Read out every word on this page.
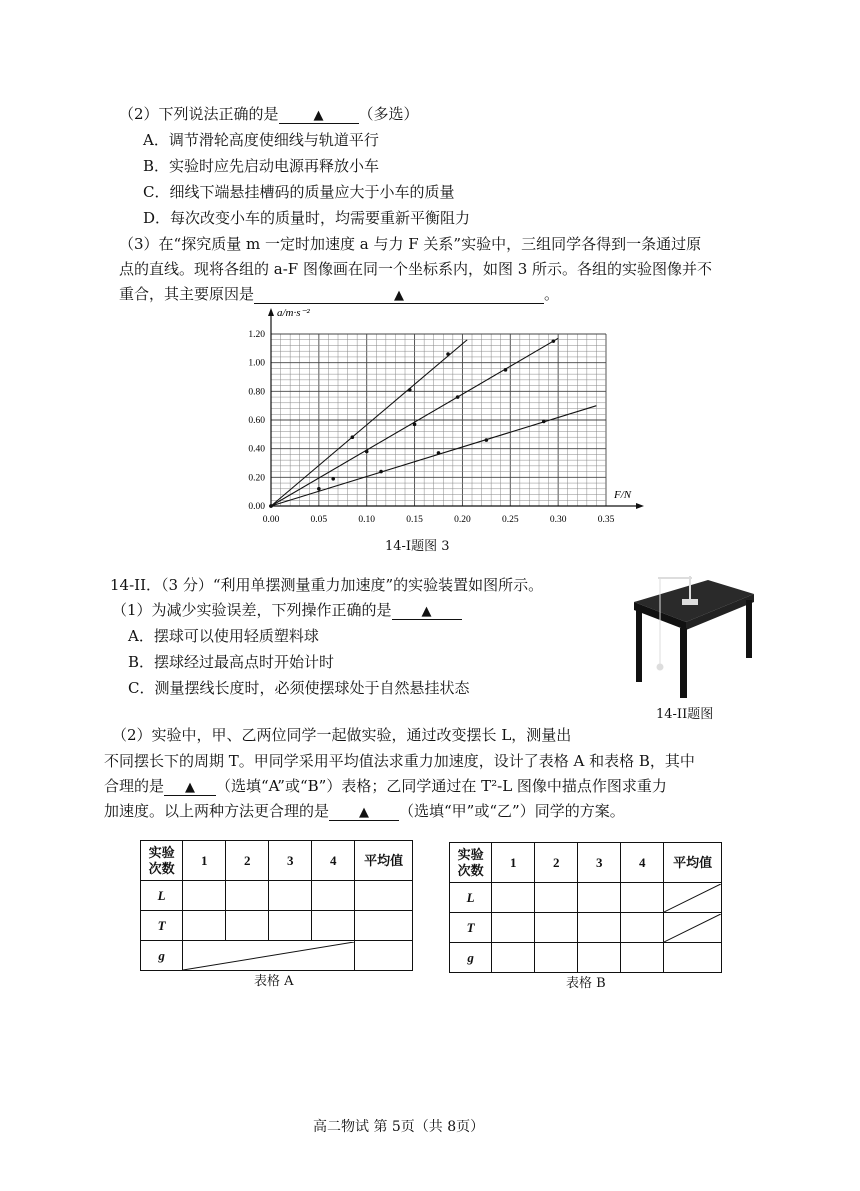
（2）下列说法正确的是	▲ （多选）
A．调节滑轮高度使细线与轨道平行
B．实验时应先启动电源再释放小车
C．细线下端悬挂槽码的质量应大于小车的质量
D．每次改变小车的质量时，均需要重新平衡阻力
（3）在“探究质量 m 一定时加速度 a 与力 F 关系”实验中，三组同学各得到一条通过原
点的直线。现将各组的 a-F 图像画在同一个坐标系内，如图 3 所示。各组的实验图像并不
重合，其主要原因是	▲	。
0.00	0.05	0.10	0.15	0.20	0.25	0.30	0.35
0.00
0.20
0.40
0.60
0.80
1.00
1.20
a/m·s⁻²
F/N
14-I题图 3
14-II．（3 分）“利用单摆测量重力加速度”的实验装置如图所示。
（1）为减少实验误差，下列操作正确的是 ▲
A．摆球可以使用轻质塑料球
B．摆球经过最高点时开始计时
C．测量摆线长度时，必须使摆球处于自然悬挂状态
14-II题图
（2）实验中，甲、乙两位同学一起做实验，通过改变摆长 L，测量出
不同摆长下的周期 T。甲同学采用平均值法求重力加速度，设计了表格 A 和表格 B，其中
合理的是 ▲ （选填“A”或“B”）表格；乙同学通过在 T²-L 图像中描点作图求重力
加速度。以上两种方法更合理的是 ▲ （选填“甲”或“乙”）同学的方案。
实验
次数	1	2	3	4	平均值
L					
T					
g	

表格 A
实验
次数	1	2	3	4	平均值
L					

T					

g					
表格 B
高二物试 第 5页（共 8页）
